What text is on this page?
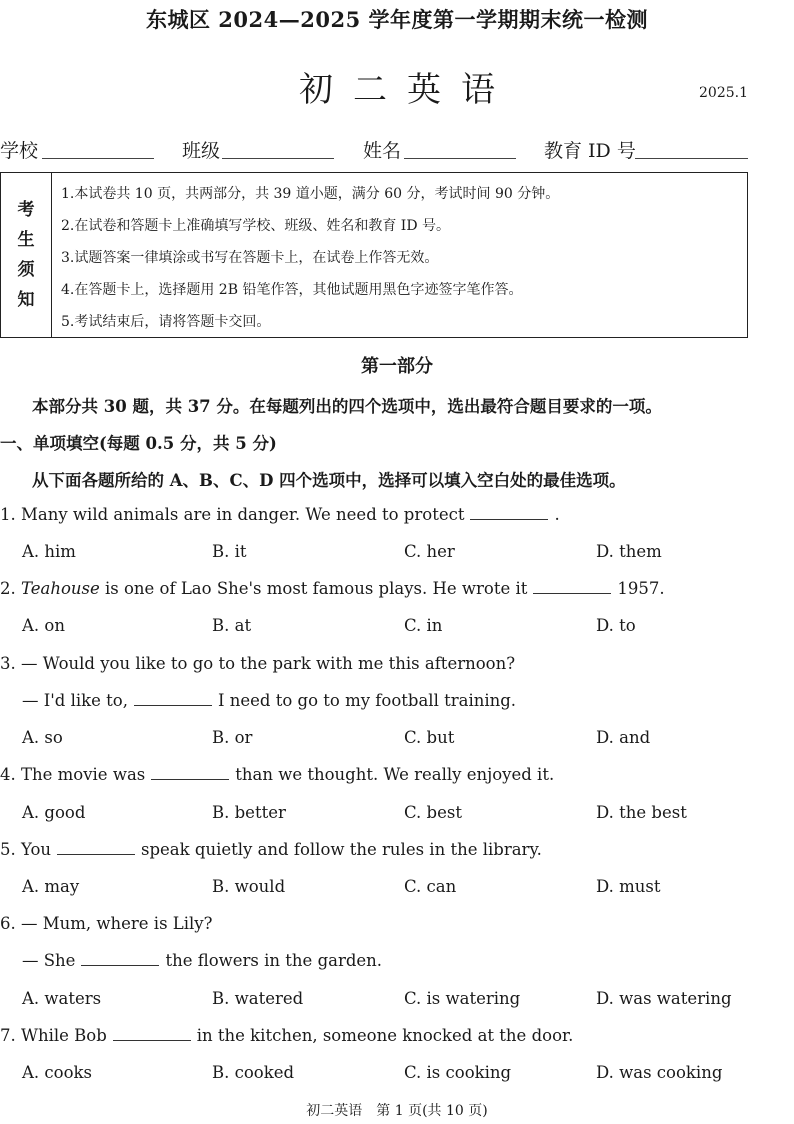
东城区 2024—2025 学年度第一学期期末统一检测
初二英语	2025.1
学校	班级	姓名	教育 ID 号
考
生
须
知
1.本试卷共 10 页，共两部分，共 39 道小题，满分 60 分，考试时间 90 分钟。
2.在试卷和答题卡上准确填写学校、班级、姓名和教育 ID 号。
3.试题答案一律填涂或书写在答题卡上，在试卷上作答无效。
4.在答题卡上，选择题用 2B 铅笔作答，其他试题用黑色字迹签字笔作答。
5.考试结束后，请将答题卡交回。
第一部分
本部分共 30 题，共 37 分。在每题列出的四个选项中，选出最符合题目要求的一项。
一、单项填空(每题 0.5 分，共 5 分)
从下面各题所给的 A、B、C、D 四个选项中，选择可以填入空白处的最佳选项。
1. Many wild animals are in danger. We need to protect	.
A. him	B. it	C. her	D. them
2. Teahouse is one of Lao She's most famous plays. He wrote it	1957.
A. on	B. at	C. in	D. to
3. — Would you like to go to the park with me this afternoon?
— I'd like to,	I need to go to my football training.
A. so	B. or	C. but	D. and
4. The movie was	than we thought. We really enjoyed it.
A. good	B. better	C. best	D. the best
5. You	speak quietly and follow the rules in the library.
A. may	B. would	C. can	D. must
6. — Mum, where is Lily?
— She	the flowers in the garden.
A. waters	B. watered	C. is watering	D. was watering
7. While Bob	in the kitchen, someone knocked at the door.
A. cooks	B. cooked	C. is cooking	D. was cooking
初二英语　第 1 页(共 10 页)
